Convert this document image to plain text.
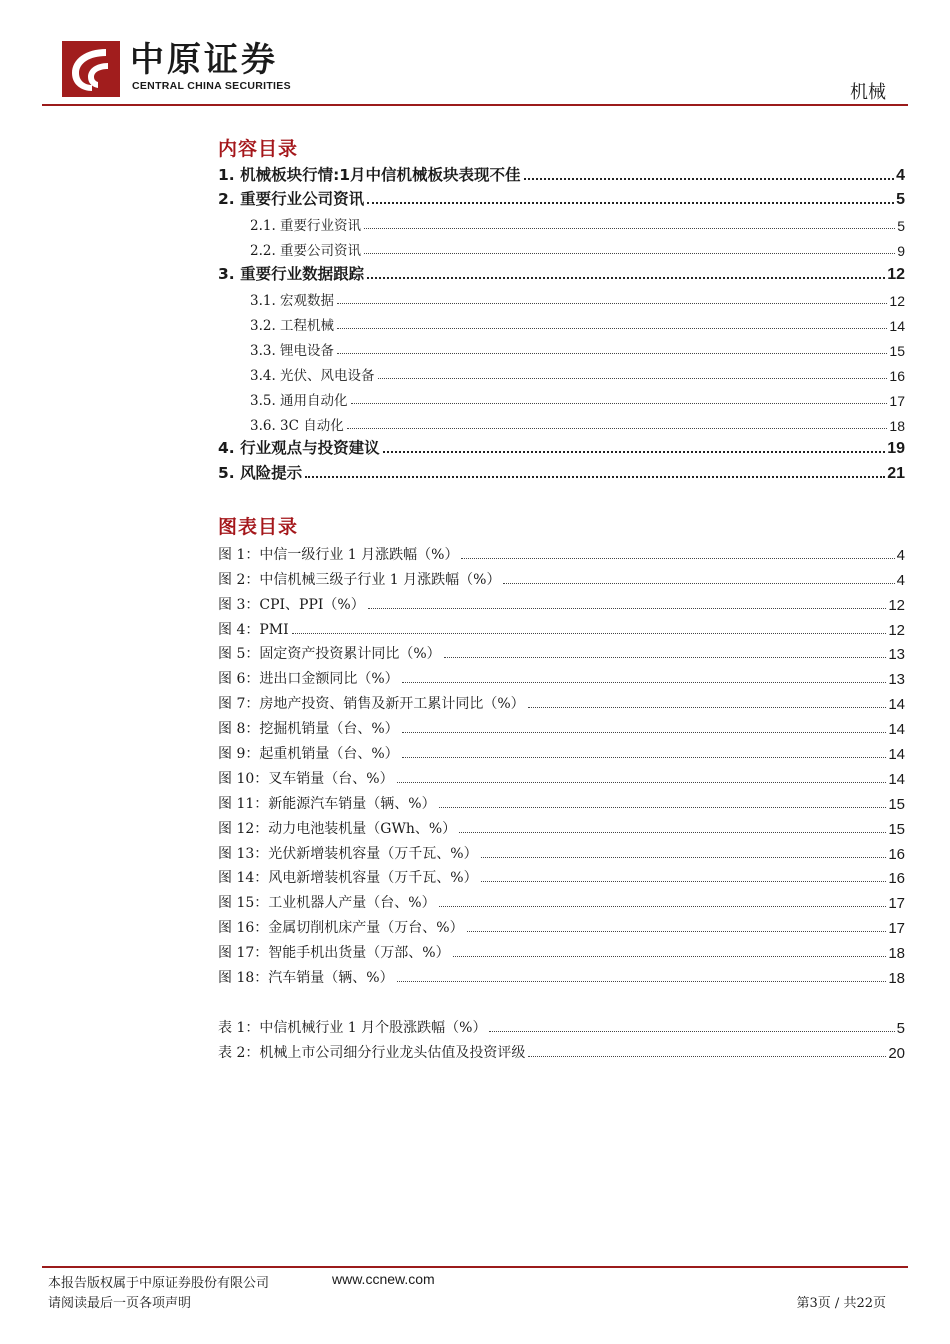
中原证券
CENTRAL CHINA SECURITIES	机械
内容目录
1. 机械板块行情:1月中信机械板块表现不佳	4
2. 重要行业公司资讯	5
2.1. 重要行业资讯	5
2.2. 重要公司资讯	9
3. 重要行业数据跟踪	12
3.1. 宏观数据	12
3.2. 工程机械	14
3.3. 锂电设备	15
3.4. 光伏、风电设备	16
3.5. 通用自动化	17
3.6. 3C 自动化	18
4. 行业观点与投资建议	19
5. 风险提示	21
图表目录
图 1：中信一级行业 1 月涨跌幅（%）	4
图 2：中信机械三级子行业 1 月涨跌幅（%）	4
图 3：CPI、PPI（%）	12
图 4：PMI	12
图 5：固定资产投资累计同比（%）	13
图 6：进出口金额同比（%）	13
图 7：房地产投资、销售及新开工累计同比（%）	14
图 8：挖掘机销量（台、%）	14
图 9：起重机销量（台、%）	14
图 10：叉车销量（台、%）	14
图 11：新能源汽车销量（辆、%）	15
图 12：动力电池装机量（GWh、%）	15
图 13：光伏新增装机容量（万千瓦、%）	16
图 14：风电新增装机容量（万千瓦、%）	16
图 15：工业机器人产量（台、%）	17
图 16：金属切削机床产量（万台、%）	17
图 17：智能手机出货量（万部、%）	18
图 18：汽车销量（辆、%）	18
表 1：中信机械行业 1 月个股涨跌幅（%）	5
表 2：机械上市公司细分行业龙头估值及投资评级	20
本报告版权属于中原证券股份有限公司	www.ccnew.com
请阅读最后一页各项声明	第3页 / 共22页
